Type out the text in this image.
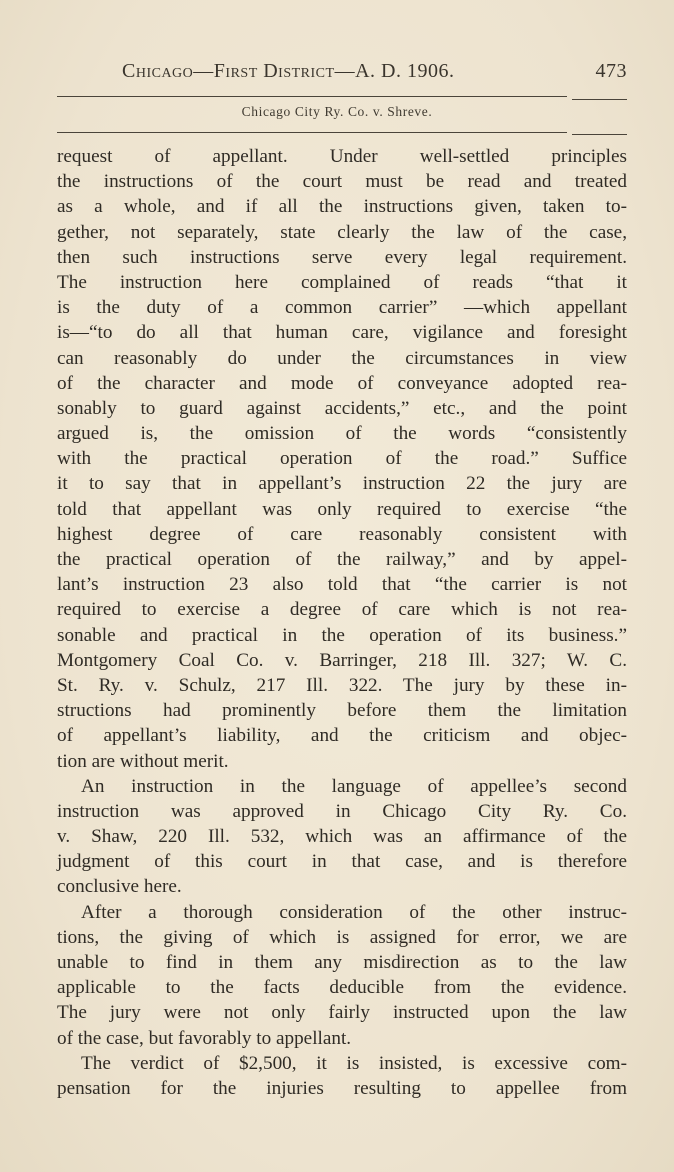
Chicago—First District—A. D. 1906.	473
Chicago City Ry. Co. v. Shreve.
request of appellant. Under well-settled principles
the instructions of the court must be read and treated
as a whole, and if all the instructions given, taken to-
gether, not separately, state clearly the law of the case,
then such instructions serve every legal requirement.
The instruction here complained of reads “that it
is the duty of a common carrier” —which appellant
is—“to do all that human care, vigilance and foresight
can reasonably do under the circumstances in view
of the character and mode of conveyance adopted rea-
sonably to guard against accidents,” etc., and the point
argued is, the omission of the words “consistently
with the practical operation of the road.” Suffice
it to say that in appellant’s instruction 22 the jury are
told that appellant was only required to exercise “the
highest degree of care reasonably consistent with
the practical operation of the railway,” and by appel-
lant’s instruction 23 also told that “the carrier is not
required to exercise a degree of care which is not rea-
sonable and practical in the operation of its business.”
Montgomery Coal Co. v. Barringer, 218 Ill. 327; W. C.
St. Ry. v. Schulz, 217 Ill. 322. The jury by these in-
structions had prominently before them the limitation
of appellant’s liability, and the criticism and objec-
tion are without merit.
An instruction in the language of appellee’s second
instruction was approved in Chicago City Ry. Co.
v. Shaw, 220 Ill. 532, which was an affirmance of the
judgment of this court in that case, and is therefore
conclusive here.
After a thorough consideration of the other instruc-
tions, the giving of which is assigned for error, we are
unable to find in them any misdirection as to the law
applicable to the facts deducible from the evidence.
The jury were not only fairly instructed upon the law
of the case, but favorably to appellant.
The verdict of $2,500, it is insisted, is excessive com-
pensation for the injuries resulting to appellee from
